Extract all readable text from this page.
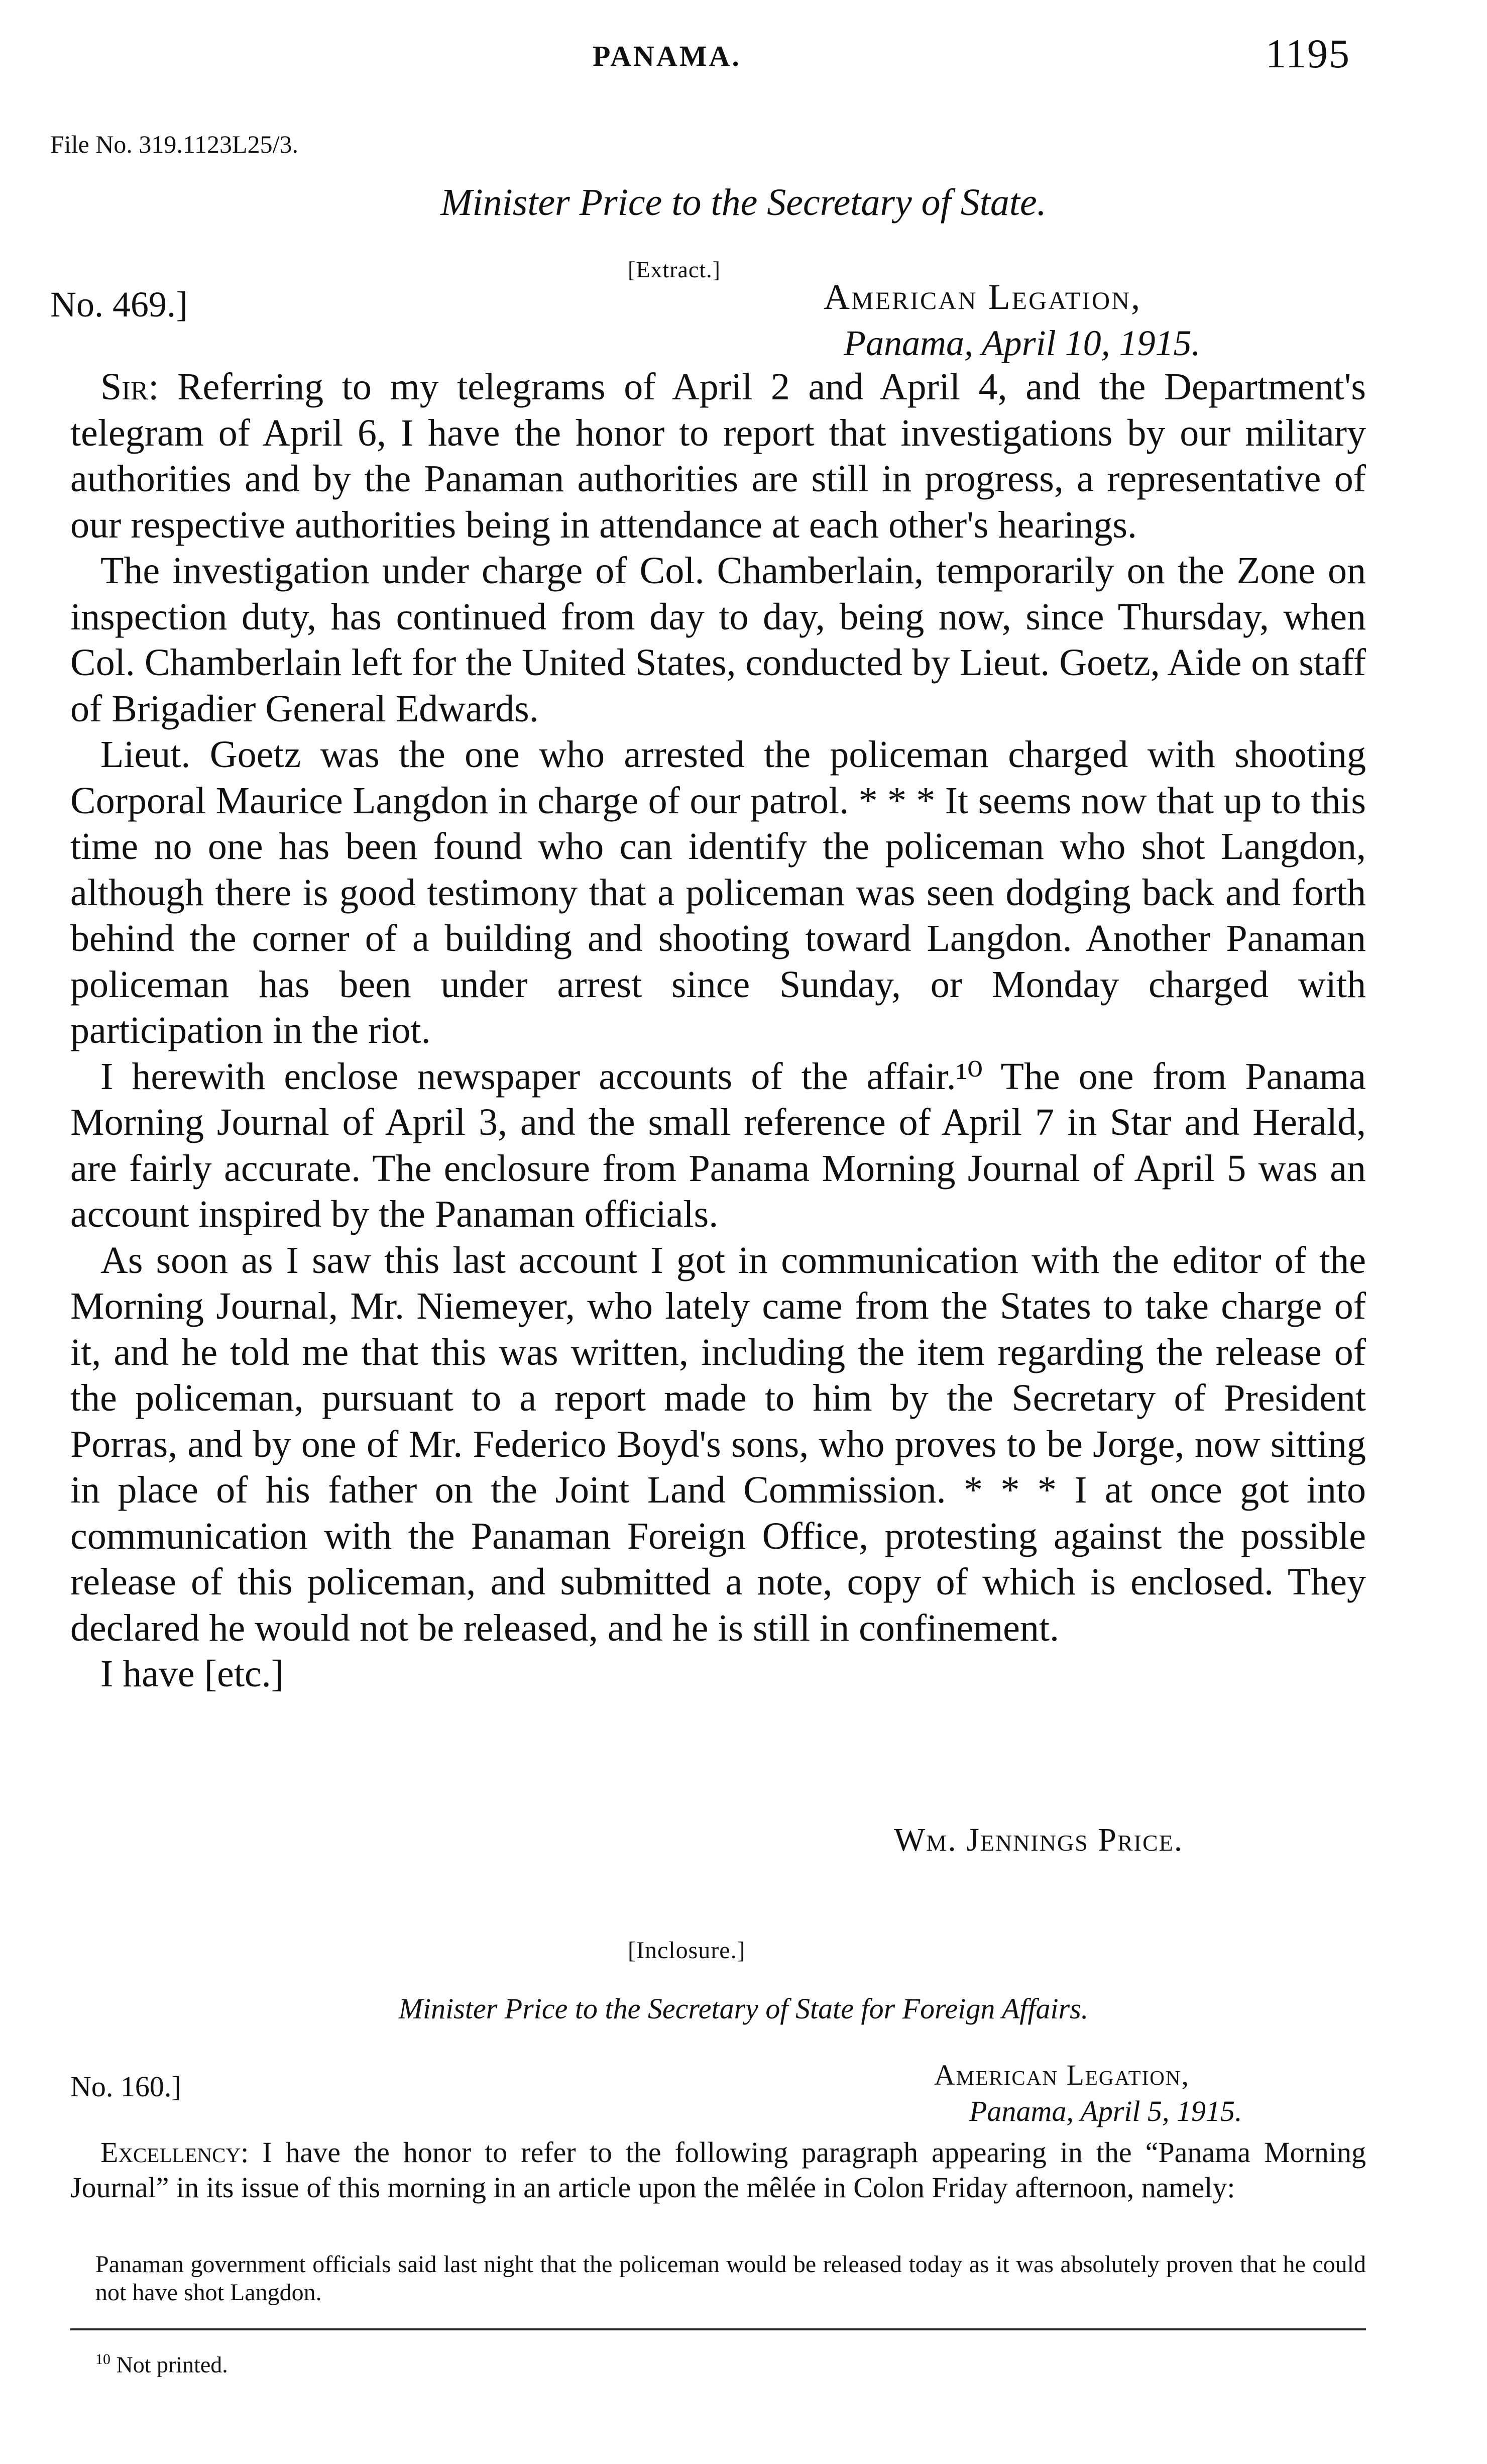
PANAMA.	1195
File No. 319.1123L25/3.
Minister Price to the Secretary of State.
[Extract.]
No. 469.]	American Legation,
Panama, April 10, 1915.

Sir: Referring to my telegrams of April 2 and April 4, and the Department's telegram of April 6, I have the honor to report that investigations by our military authorities and by the Panaman authorities are still in progress, a representative of our respective authorities being in attendance at each other's hearings.

The investigation under charge of Col. Chamberlain, temporarily on the Zone on inspection duty, has continued from day to day, being now, since Thursday, when Col. Chamberlain left for the United States, conducted by Lieut. Goetz, Aide on staff of Brigadier General Edwards.

Lieut. Goetz was the one who arrested the policeman charged with shooting Corporal Maurice Langdon in charge of our patrol. * * * It seems now that up to this time no one has been found who can identify the policeman who shot Langdon, although there is good testimony that a policeman was seen dodging back and forth behind the corner of a building and shooting toward Langdon. Another Panaman policeman has been under arrest since Sunday, or Monday charged with participation in the riot.

I herewith enclose newspaper accounts of the affair.¹⁰ The one from Panama Morning Journal of April 3, and the small reference of April 7 in Star and Herald, are fairly accurate. The enclosure from Panama Morning Journal of April 5 was an account inspired by the Panaman officials.

As soon as I saw this last account I got in communication with the editor of the Morning Journal, Mr. Niemeyer, who lately came from the States to take charge of it, and he told me that this was written, including the item regarding the release of the policeman, pursuant to a report made to him by the Secretary of President Porras, and by one of Mr. Federico Boyd's sons, who proves to be Jorge, now sitting in place of his father on the Joint Land Commission. * * * I at once got into communication with the Panaman Foreign Office, protesting against the possible release of this policeman, and submitted a note, copy of which is enclosed. They declared he would not be released, and he is still in confinement.

I have [etc.]

Wm. Jennings Price.
[Inclosure.]
Minister Price to the Secretary of State for Foreign Affairs.
No. 160.]	American Legation,
Panama, April 5, 1915.

Excellency: I have the honor to refer to the following paragraph appearing in the “Panama Morning Journal” in its issue of this morning in an article upon the mêlée in Colon Friday afternoon, namely:

Panaman government officials said last night that the policeman would be released today as it was absolutely proven that he could not have shot Langdon.
$^{10}$ Not printed.
